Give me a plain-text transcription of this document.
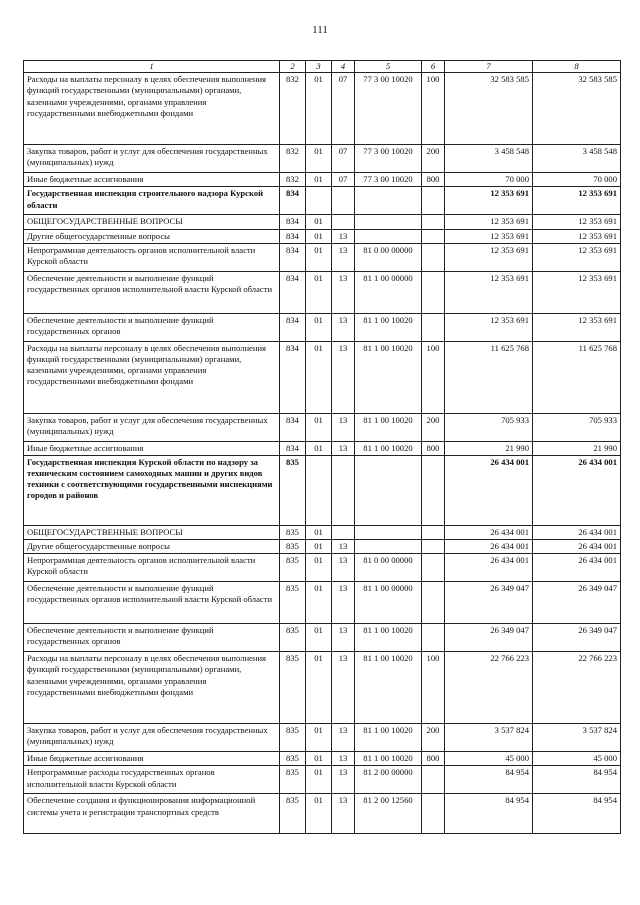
111
1	2	3	4	5	6	7	8
Расходы на выплаты персоналу в целях обеспечения выполнения функций государственными (муниципальными) органами, казенными учреждениями, органами управления государственными внебюджетными фондами	832	01	07	77 3 00 10020	100	32 583 585	32 583 585
Закупка товаров, работ и услуг для обеспечения государственных (муниципальных) нужд	832	01	07	77 3 00 10020	200	3 458 548	3 458 548
Иные бюджетные ассигнования	832	01	07	77 3 00 10020	800	70 000	70 000
Государственная инспекция строительного надзора Курской области	834					12 353 691	12 353 691
ОБЩЕГОСУДАРСТВЕННЫЕ ВОПРОСЫ	834	01				12 353 691	12 353 691
Другие общегосударственные вопросы	834	01	13			12 353 691	12 353 691
Непрограммная деятельность органов исполнительной власти Курской области	834	01	13	81 0 00 00000		12 353 691	12 353 691
Обеспечение деятельности и выполнение функций государственных органов исполнительной власти Курской области	834	01	13	81 1 00 00000		12 353 691	12 353 691
Обеспечение деятельности и выполнение функций государственных органов	834	01	13	81 1 00 10020		12 353 691	12 353 691
Расходы на выплаты персоналу в целях обеспечения выполнения функций государственными (муниципальными) органами, казенными учреждениями, органами управления государственными внебюджетными фондами	834	01	13	81 1 00 10020	100	11 625 768	11 625 768
Закупка товаров, работ и услуг для обеспечения государственных (муниципальных) нужд	834	01	13	81 1 00 10020	200	705 933	705 933
Иные бюджетные ассигнования	834	01	13	81 1 00 10020	800	21 990	21 990
Государственная инспекция Курской области по надзору за техническим состоянием самоходных машин и других видов техники с соответствующими государственными инспекциями городов и районов	835					26 434 001	26 434 001
ОБЩЕГОСУДАРСТВЕННЫЕ ВОПРОСЫ	835	01				26 434 001	26 434 001
Другие общегосударственные вопросы	835	01	13			26 434 001	26 434 001
Непрограммная деятельность органов исполнительной власти Курской области	835	01	13	81 0 00 00000		26 434 001	26 434 001
Обеспечение деятельности и выполнение функций государственных органов исполнительной власти Курской области	835	01	13	81 1 00 00000		26 349 047	26 349 047
Обеспечение деятельности и выполнение функций государственных органов	835	01	13	81 1 00 10020		26 349 047	26 349 047
Расходы на выплаты персоналу в целях обеспечения выполнения функций государственными (муниципальными) органами, казенными учреждениями, органами управления государственными внебюджетными фондами	835	01	13	81 1 00 10020	100	22 766 223	22 766 223
Закупка товаров, работ и услуг для обеспечения государственных (муниципальных) нужд	835	01	13	81 1 00 10020	200	3 537 824	3 537 824
Иные бюджетные ассигнования	835	01	13	81 1 00 10020	800	45 000	45 000
Непрограммные расходы государственных органов исполнительной власти Курской области	835	01	13	81 2 00 00000		84 954	84 954
Обеспечение создания и функционирования информационной системы учета и регистрации транспортных средств	835	01	13	81 2 00 12560		84 954	84 954
